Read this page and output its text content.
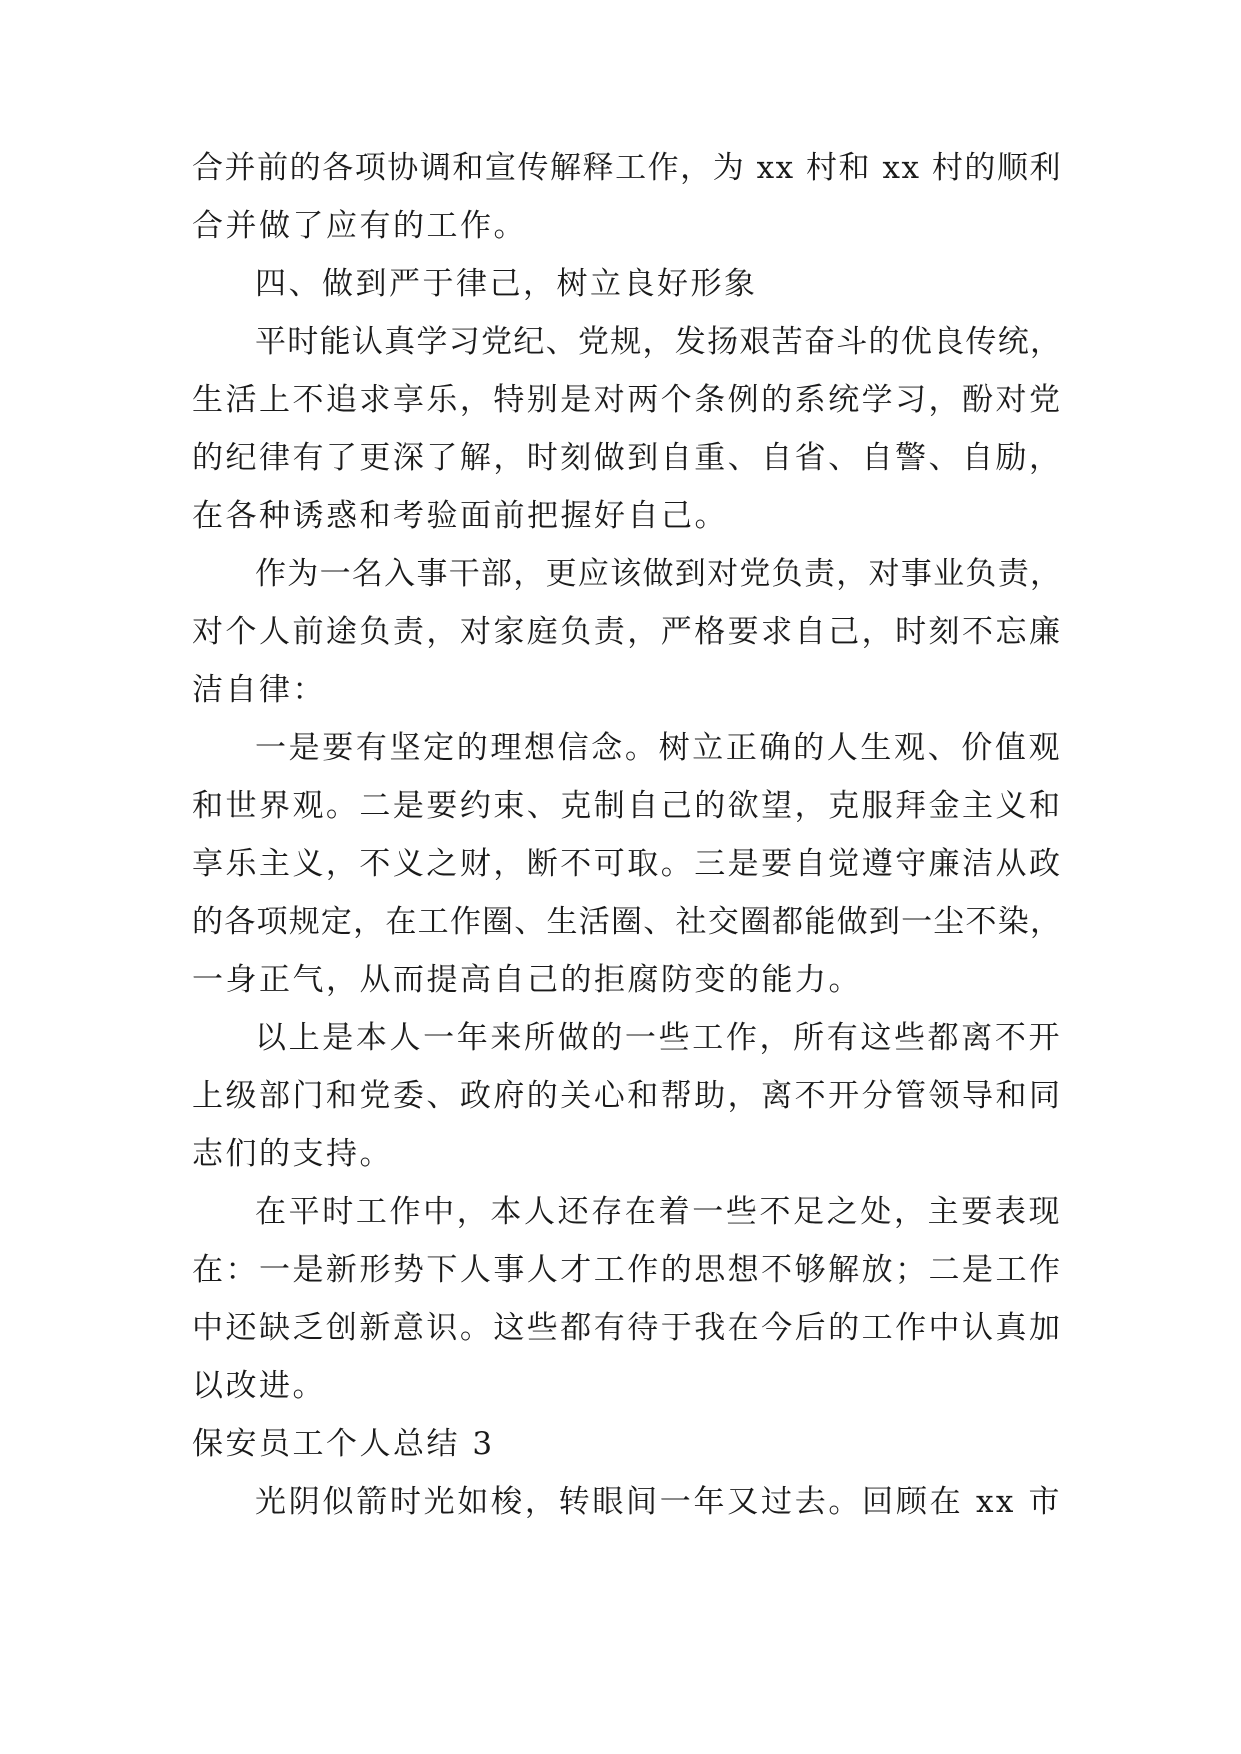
合并前的各项协调和宣传解释工作，为 xx 村和 xx 村的顺利
合并做了应有的工作。
四、做到严于律己，树立良好形象
平时能认真学习党纪、党规，发扬艰苦奋斗的优良传统，
生活上不追求享乐，特别是对两个条例的系统学习，酚对党
的纪律有了更深了解，时刻做到自重、自省、自警、自励，
在各种诱惑和考验面前把握好自己。
作为一名入事干部，更应该做到对党负责，对事业负责，
对个人前途负责，对家庭负责，严格要求自己，时刻不忘廉
洁自律：
一是要有坚定的理想信念。树立正确的人生观、价值观
和世界观。二是要约束、克制自己的欲望，克服拜金主义和
享乐主义，不义之财，断不可取。三是要自觉遵守廉洁从政
的各项规定，在工作圈、生活圈、社交圈都能做到一尘不染，
一身正气，从而提高自己的拒腐防变的能力。
以上是本人一年来所做的一些工作，所有这些都离不开
上级部门和党委、政府的关心和帮助，离不开分管领导和同
志们的支持。
在平时工作中，本人还存在着一些不足之处，主要表现
在：一是新形势下人事人才工作的思想不够解放；二是工作
中还缺乏创新意识。这些都有待于我在今后的工作中认真加
以改进。
保安员工个人总结 3
光阴似箭时光如梭，转眼间一年又过去。回顾在 xx 市
